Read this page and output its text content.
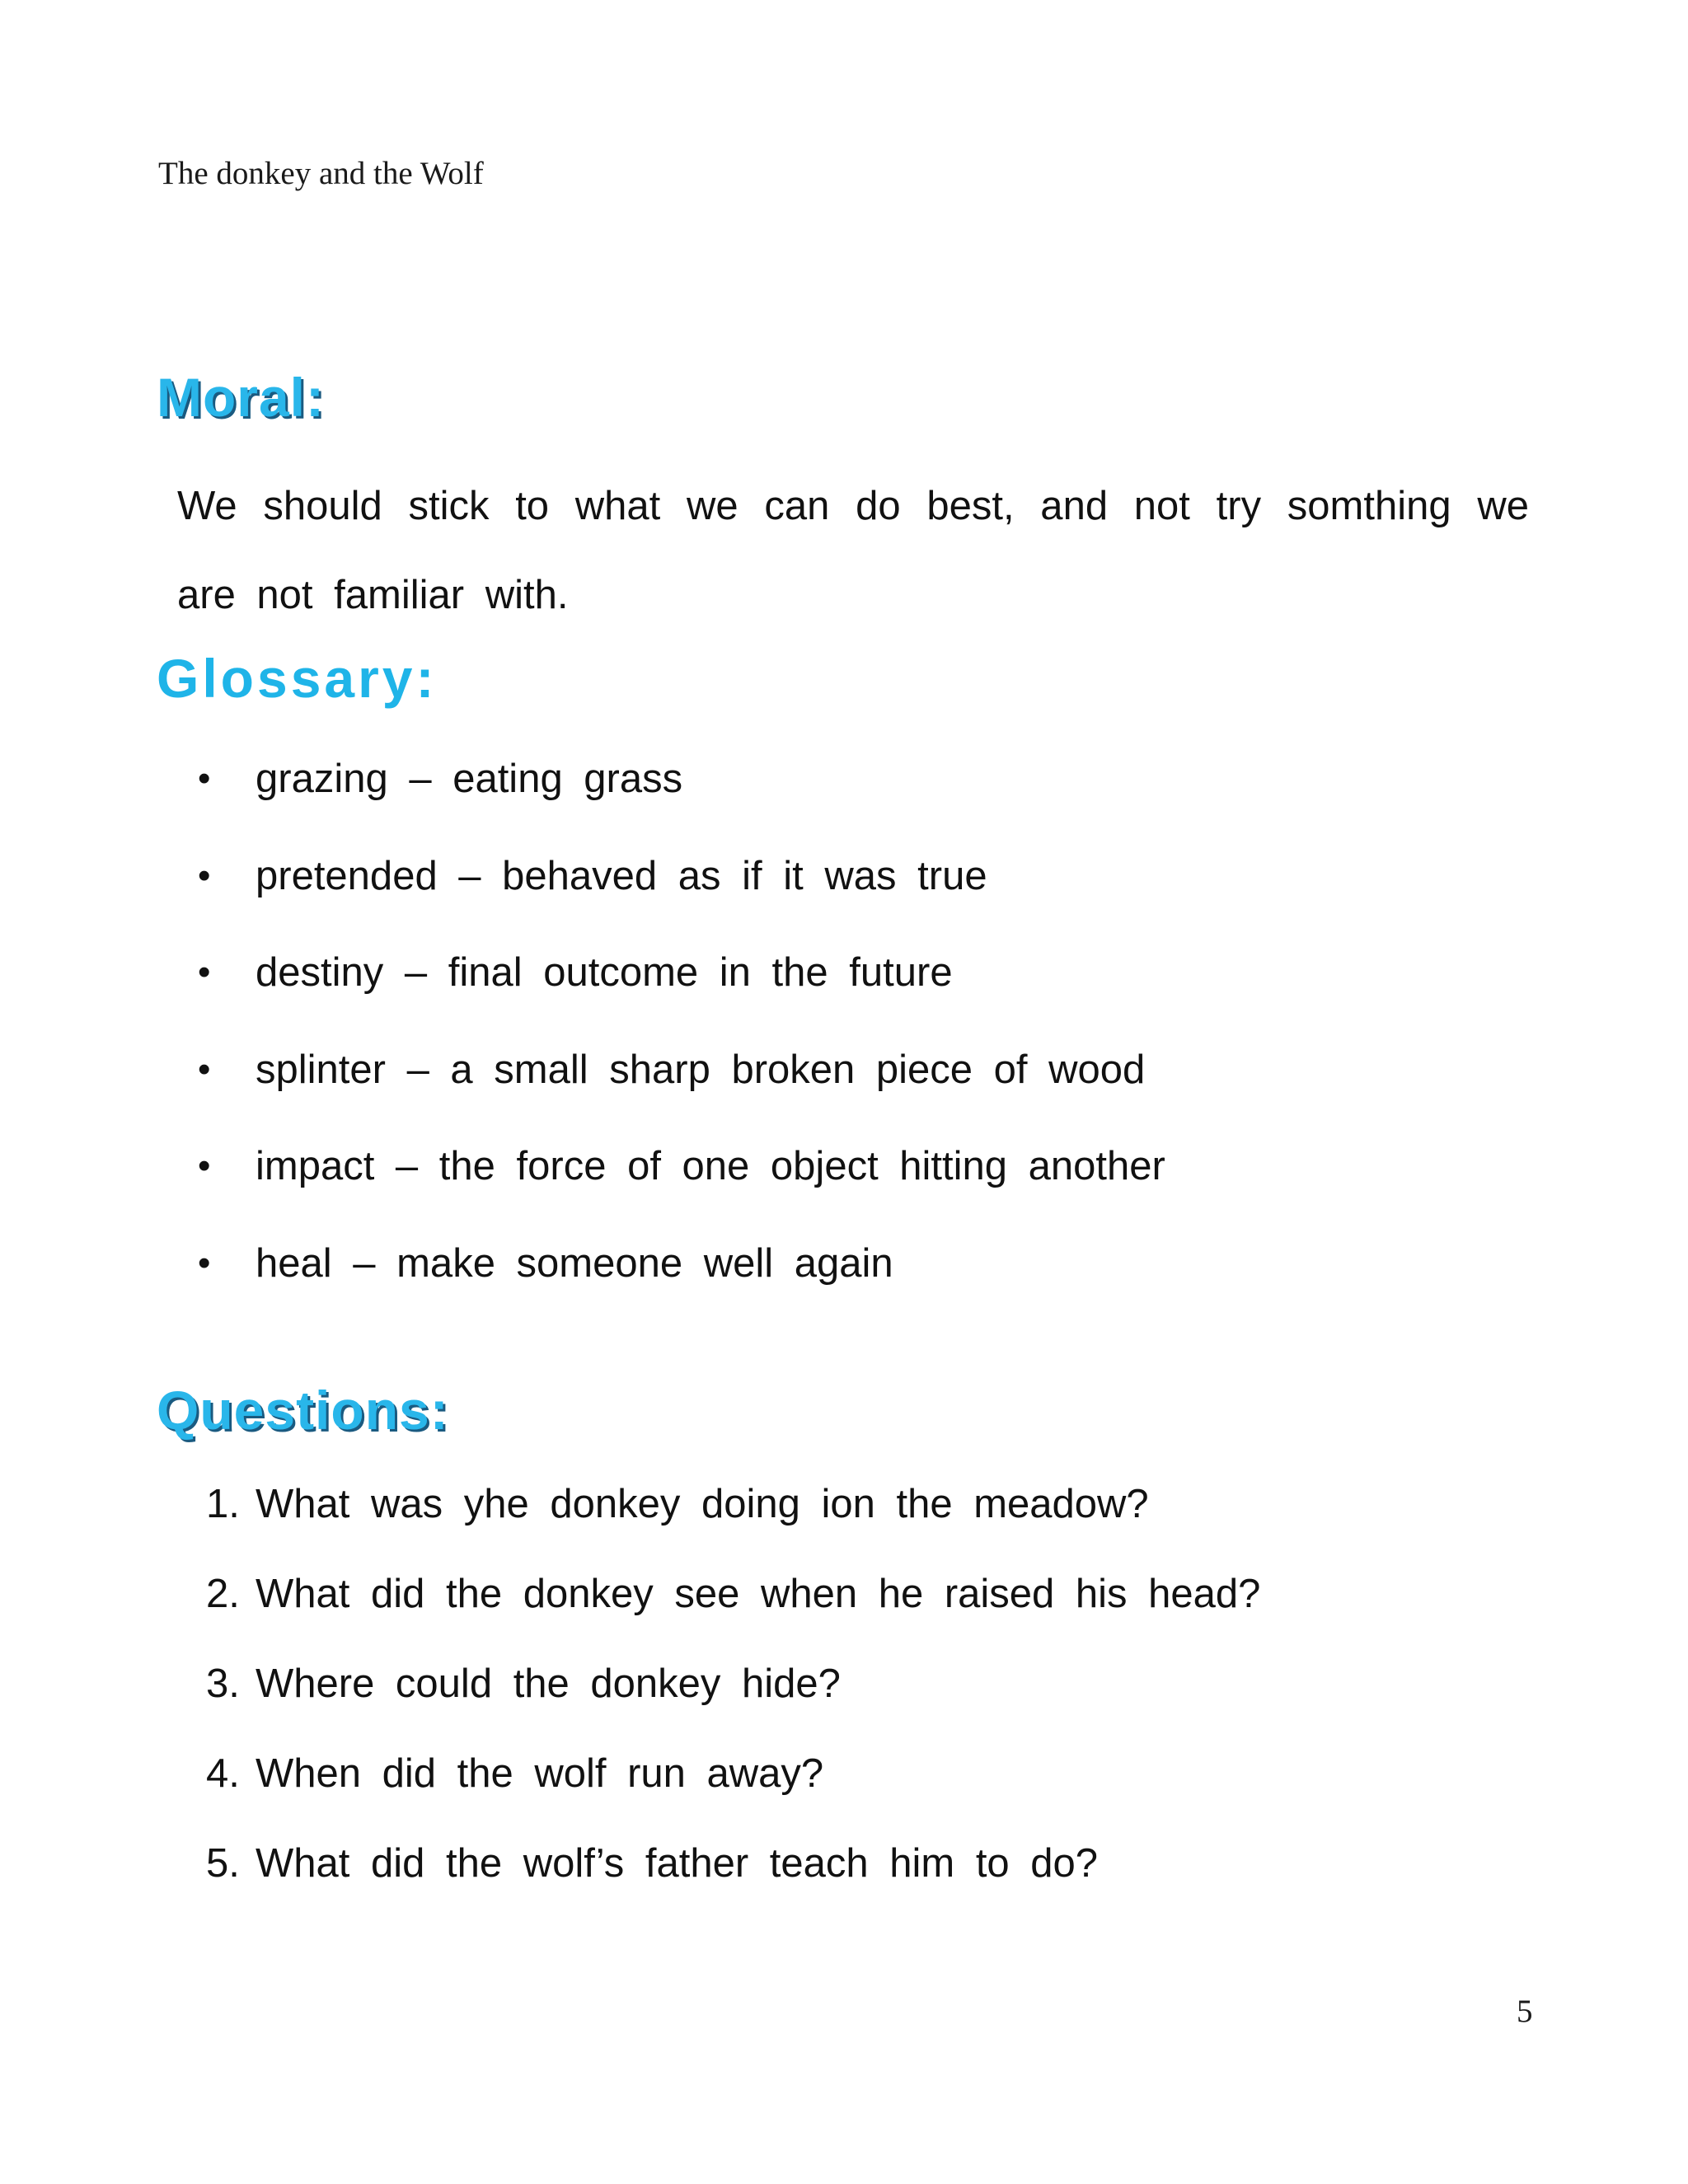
The donkey and the Wolf
Moral:
We should stick to what we can do best, and not try somthing we are not familiar with.
Glossary:
• grazing – eating grass
• pretended – behaved as if it was true
• destiny – final outcome in the future
• splinter – a small sharp broken piece of wood
• impact – the force of one object hitting another
• heal – make someone well again
Questions:
1. What was yhe donkey doing ion the meadow?
2. What did the donkey see when he raised his head?
3. Where could the donkey hide?
4. When did the wolf run away?
5. What did the wolf’s father teach him to do?
5
